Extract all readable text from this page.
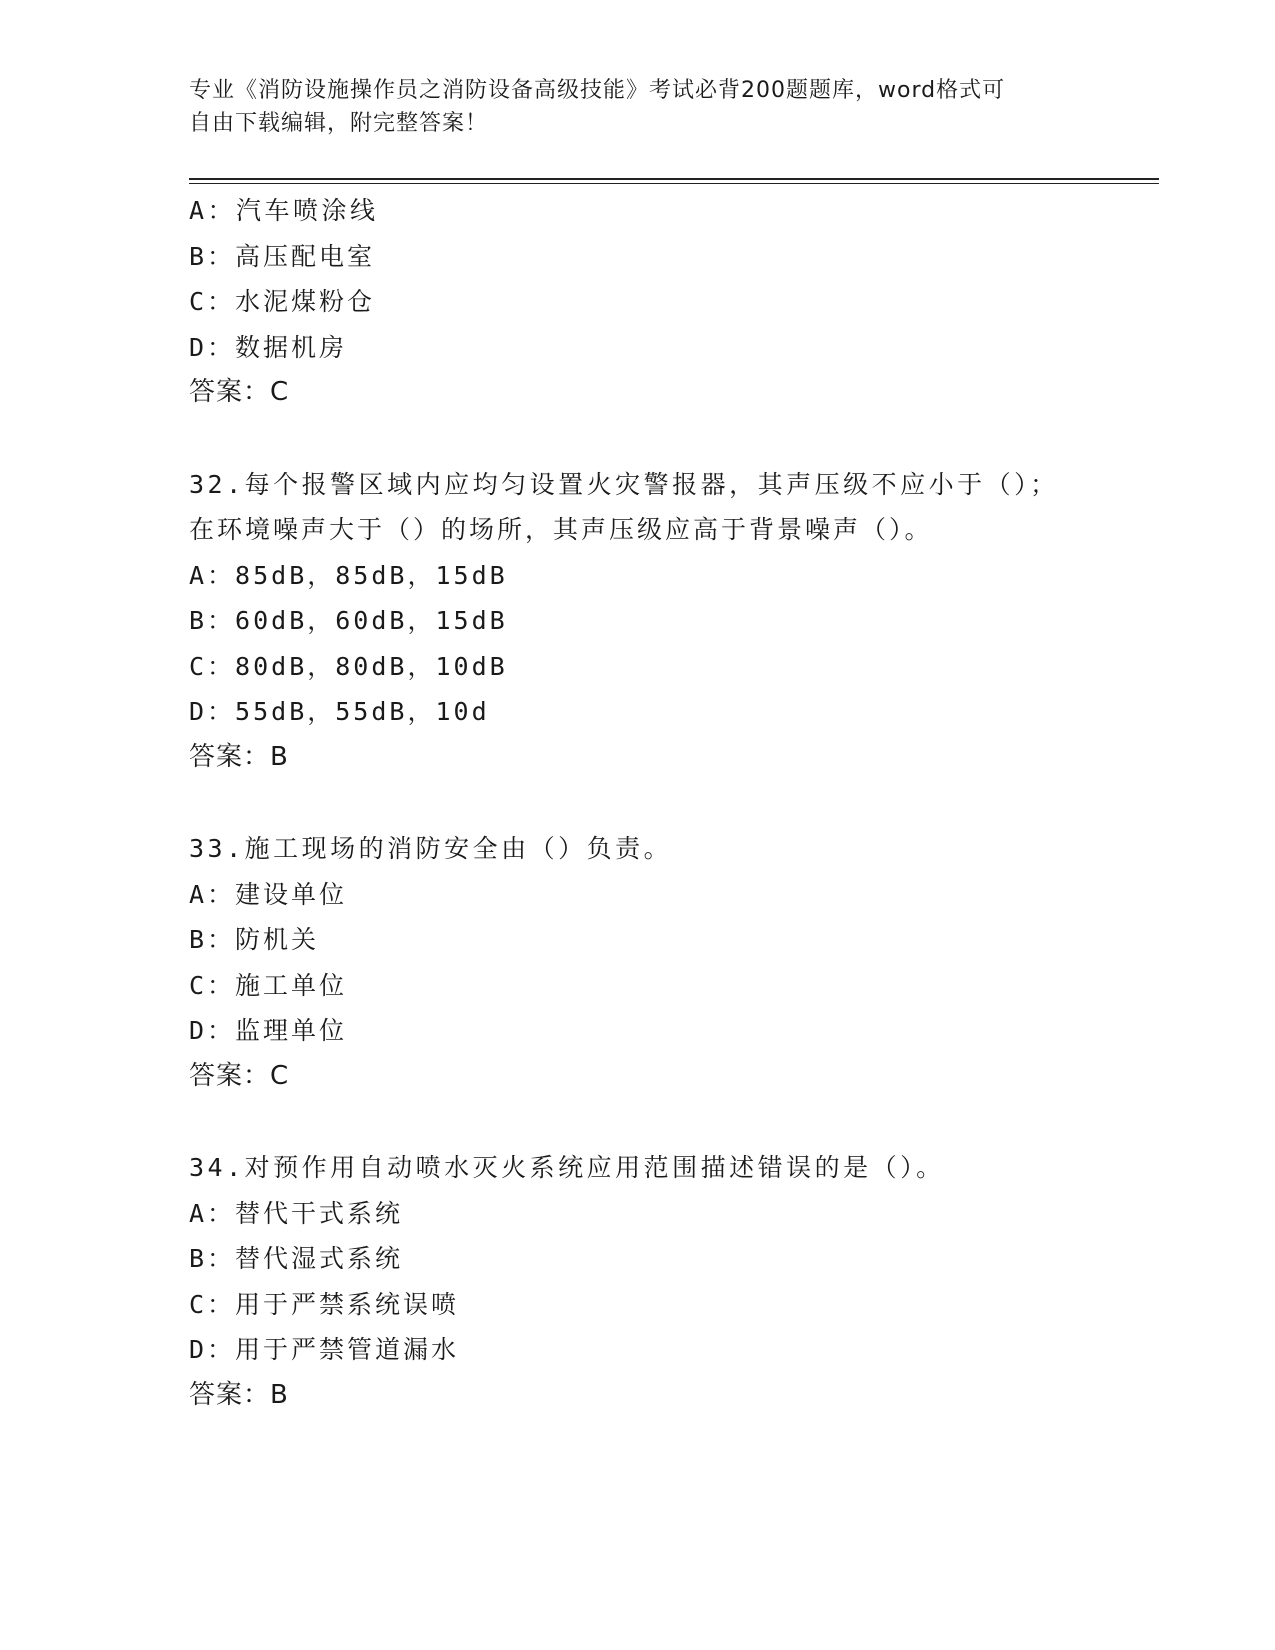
专业《消防设施操作员之消防设备高级技能》考试必背200题题库，word格式可
自由下载编辑，附完整答案！
A：汽车喷涂线
B：高压配电室
C：水泥煤粉仓
D：数据机房
答案：C
32.每个报警区域内应均匀设置火灾警报器，其声压级不应小于（）；
在环境噪声大于（）的场所，其声压级应高于背景噪声（）。
A：85dB，85dB，15dB
B：60dB，60dB，15dB
C：80dB，80dB，10dB
D：55dB，55dB，10d
答案：B
33.施工现场的消防安全由（）负责。
A：建设单位
B：防机关
C：施工单位
D：监理单位
答案：C
34.对预作用自动喷水灭火系统应用范围描述错误的是（）。
A：替代干式系统
B：替代湿式系统
C：用于严禁系统误喷
D：用于严禁管道漏水
答案：B
